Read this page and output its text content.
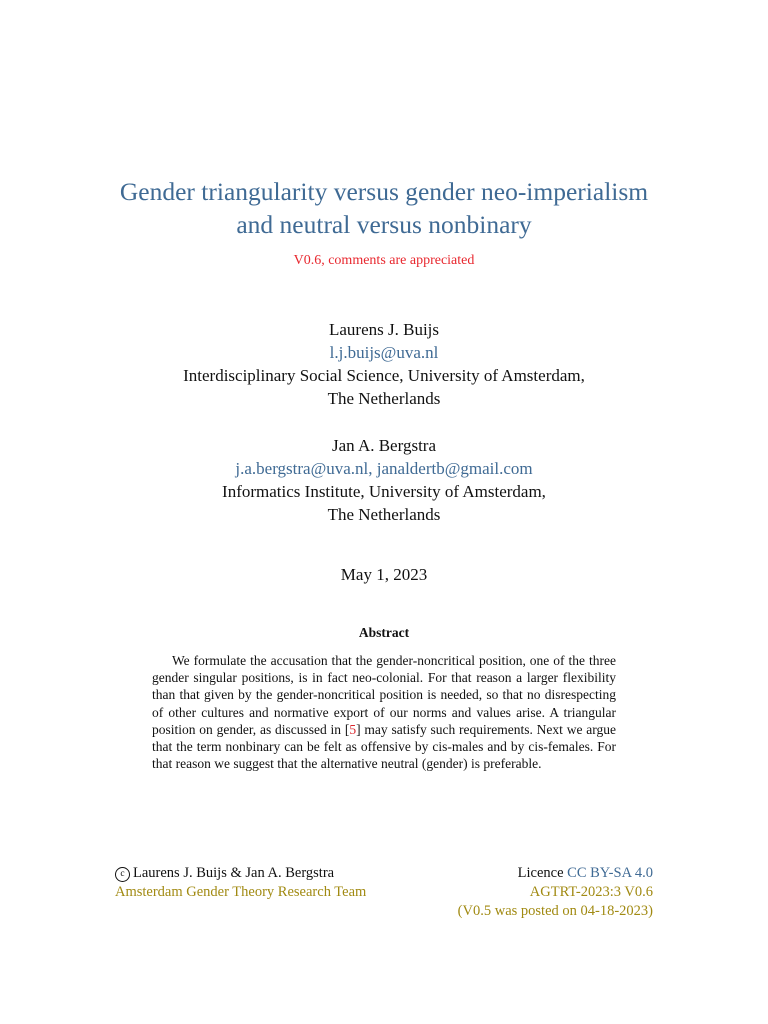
Gender triangularity versus gender neo-imperialism
and neutral versus nonbinary
V0.6, comments are appreciated
Laurens J. Buijs
l.j.buijs@uva.nl
Interdisciplinary Social Science, University of Amsterdam,
The Netherlands
Jan A. Bergstra
j.a.bergstra@uva.nl, janaldertb@gmail.com
Informatics Institute, University of Amsterdam,
The Netherlands
May 1, 2023
Abstract

We formulate the accusation that the gender-noncritical position, one of the three gender singular positions, is in fact neo-colonial. For that reason a larger flexibility than that given by the gender-noncritical position is needed, so that no disrespecting of other cultures and normative export of our norms and values arise. A triangular position on gender, as discussed in [5] may satisfy such requirements. Next we argue that the term nonbinary can be felt as offensive by cis-males and by cis-females. For that reason we suggest that the alternative neutral (gender) is preferable.

c Laurens J. Buijs & Jan A. Bergstra
Amsterdam Gender Theory Research Team
Licence CC BY-SA 4.0
AGTRT-2023:3 V0.6
(V0.5 was posted on 04-18-2023)
